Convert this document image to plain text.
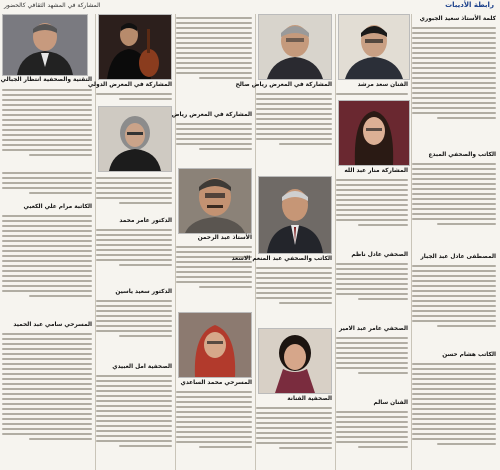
المشاركة في المشهد الثقافي كالحضور	رابطة الأديبات
التقنية والصحفية انتظار الجبالي
الكاتبة مرام علي الكعبي
المسرحي سامي عبد الحميد
المشاركة في المعرض الدولي
الدكتور عامر محمد
الدكتور سعيد ياسين
الصحفية امل العبيدي
المشاركة في المعرض رياض
الأستاذ عبد الرحمن
المسرحي محمد الساعدي
المشاركة في المعرض رياض صالح
الكاتب والصحفي عبد المنعم الاسعد
الصحفية الفنانة
الفنان سعد مرشد
المشاركة منار عبد الله
الصحفي عادل ناظم
الصحفي عامر عبد الامير
الفنان سالم
كلمة الأستاذ سعيد الجبوري
الكاتب والصحفي المبدع
المصطفى عادل عبد الجبار
الكاتب هشام حسن
